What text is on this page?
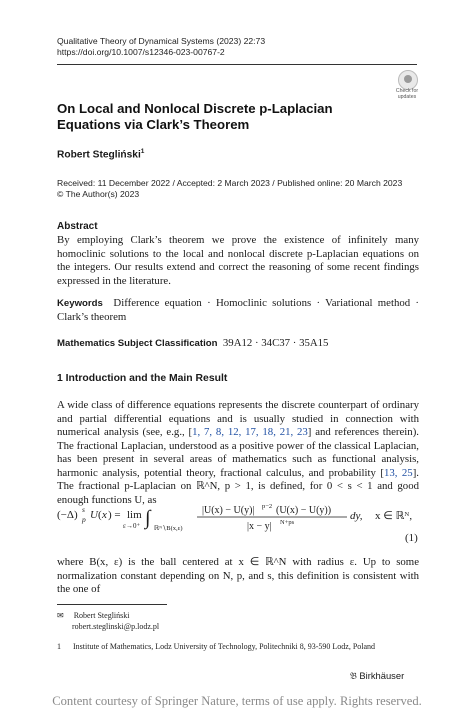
Qualitative Theory of Dynamical Systems (2023) 22:73
https://doi.org/10.1007/s12346-023-00767-2
Check for
updates
On Local and Nonlocal Discrete p-Laplacian Equations via Clark’s Theorem
Robert Stegliński$^1$
Received: 11 December 2022 / Accepted: 2 March 2023 / Published online: 20 March 2023
© The Author(s) 2023
Abstract
By employing Clark’s theorem we prove the existence of infinitely many homoclinic solutions to the local and nonlocal discrete p-Laplacian equations on the integers. Our results extend and correct the reasoning of some recent findings expressed in the literature.
Keywords Difference equation · Homoclinic solutions · Variational method · Clark’s theorem
Mathematics Subject Classification 39A12 · 34C37 · 35A15
1 Introduction and the Main Result
A wide class of difference equations represents the discrete counterpart of ordinary and partial differential equations and is usually studied in connection with numerical analysis (see, e.g., [1, 7, 8, 12, 17, 18, 21, 23] and references therein). The fractional Laplacian, understood as a positive power of the classical Laplacian, has been present in several areas of mathematics such as functional analysis, harmonic analysis, potential theory, fractional calculus, and probability [13, 25]. The fractional p-Laplacian on ℝ^N, p > 1, is defined, for 0 < s < 1 and good enough functions U, as
(−Δ) s
p U ( x ) = lim
ε→0⁺ ∫ ℝᴺ∖B(x,ε)
|U(x) − U(y)| p−2 (U(x) − U(y))
|x − y| N+ps
dy, x ∈ ℝᴺ,
(1)
where B(x, ε) is the ball centered at x ∈ ℝ^N with radius ε. Up to some normalization constant depending on N, p, and s, this definition is consistent with the one of
✉ Robert Stegliński
robert.steglinski@p.lodz.pl
1 Institute of Mathematics, Lodz University of Technology, Politechniki 8, 93-590 Lodz, Poland
𝔅 Birkhäuser
Content courtesy of Springer Nature, terms of use apply. Rights reserved.
